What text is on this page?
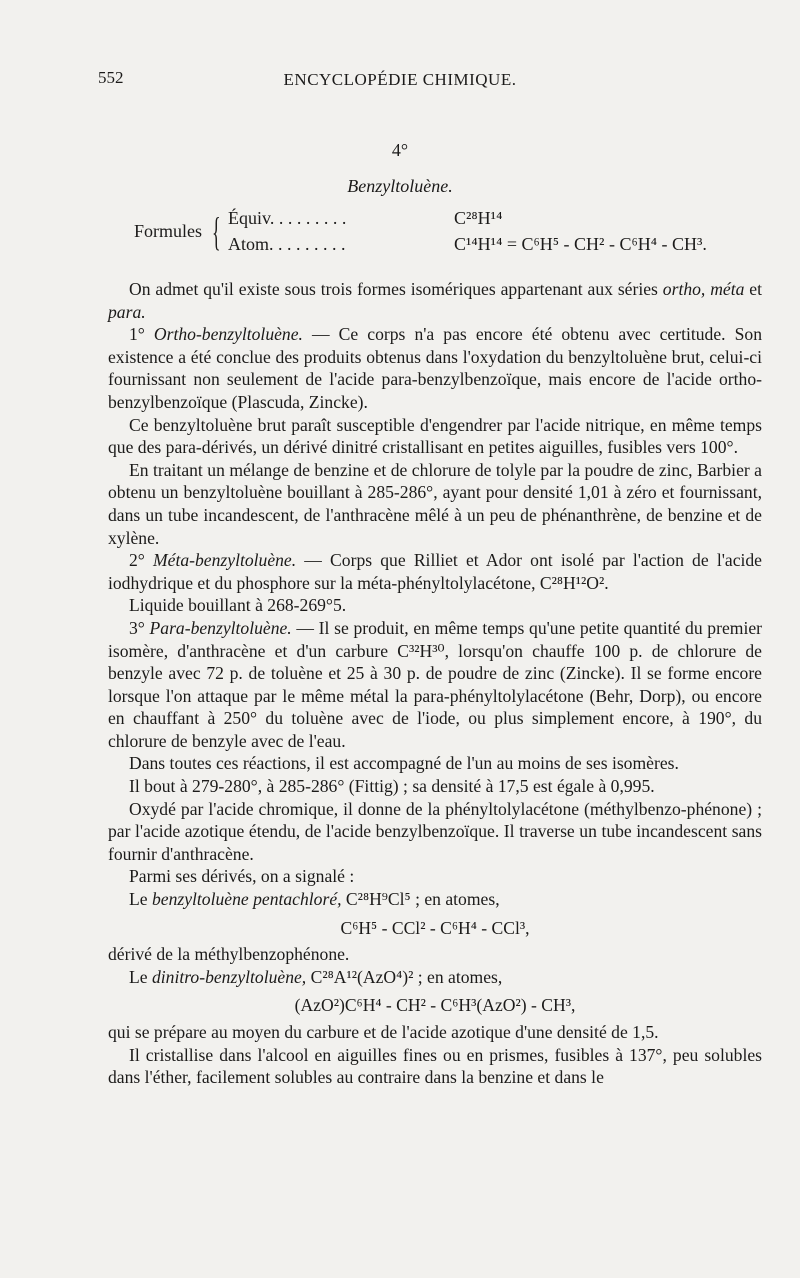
552	ENCYCLOPÉDIE CHIMIQUE.
4°
Benzyltoluène.
Formules { Équiv. . . . . . . . .	C²⁸H¹⁴
Atom. . . . . . . . .	C¹⁴H¹⁴ = C⁶H⁵ - CH² - C⁶H⁴ - CH³.

On admet qu'il existe sous trois formes isomériques appartenant aux séries ortho, méta et para.

1° Ortho-benzyltoluène. — Ce corps n'a pas encore été obtenu avec certitude. Son existence a été conclue des produits obtenus dans l'oxydation du benzyltoluène brut, celui-ci fournissant non seulement de l'acide para-benzylbenzoïque, mais encore de l'acide ortho-benzylbenzoïque (Plascuda, Zincke).

Ce benzyltoluène brut paraît susceptible d'engendrer par l'acide nitrique, en même temps que des para-dérivés, un dérivé dinitré cristallisant en petites aiguilles, fusibles vers 100°.

En traitant un mélange de benzine et de chlorure de tolyle par la poudre de zinc, Barbier a obtenu un benzyltoluène bouillant à 285-286°, ayant pour densité 1,01 à zéro et fournissant, dans un tube incandescent, de l'anthracène mêlé à un peu de phénanthrène, de benzine et de xylène.

2° Méta-benzyltoluène. — Corps que Rilliet et Ador ont isolé par l'action de l'acide iodhydrique et du phosphore sur la méta-phényltolylacétone, C²⁸H¹²O².

Liquide bouillant à 268-269°5.

3° Para-benzyltoluène. — Il se produit, en même temps qu'une petite quantité du premier isomère, d'anthracène et d'un carbure C³²H³⁰, lorsqu'on chauffe 100 p. de chlorure de benzyle avec 72 p. de toluène et 25 à 30 p. de poudre de zinc (Zincke). Il se forme encore lorsque l'on attaque par le même métal la para-phényltolylacétone (Behr, Dorp), ou encore en chauffant à 250° du toluène avec de l'iode, ou plus simplement encore, à 190°, du chlorure de benzyle avec de l'eau.

Dans toutes ces réactions, il est accompagné de l'un au moins de ses isomères.

Il bout à 279-280°, à 285-286° (Fittig) ; sa densité à 17,5 est égale à 0,995.

Oxydé par l'acide chromique, il donne de la phényltolylacétone (méthylbenzo-phénone) ; par l'acide azotique étendu, de l'acide benzylbenzoïque. Il traverse un tube incandescent sans fournir d'anthracène.

Parmi ses dérivés, on a signalé :

Le benzyltoluène pentachloré, C²⁸H⁹Cl⁵ ; en atomes,

C⁶H⁵ - CCl² - C⁶H⁴ - CCl³,

dérivé de la méthylbenzophénone.

Le dinitro-benzyltoluène, C²⁸A¹²(AzO⁴)² ; en atomes,

(AzO²)C⁶H⁴ - CH² - C⁶H³(AzO²) - CH³,

qui se prépare au moyen du carbure et de l'acide azotique d'une densité de 1,5.

Il cristallise dans l'alcool en aiguilles fines ou en prismes, fusibles à 137°, peu solubles dans l'éther, facilement solubles au contraire dans la benzine et dans le
